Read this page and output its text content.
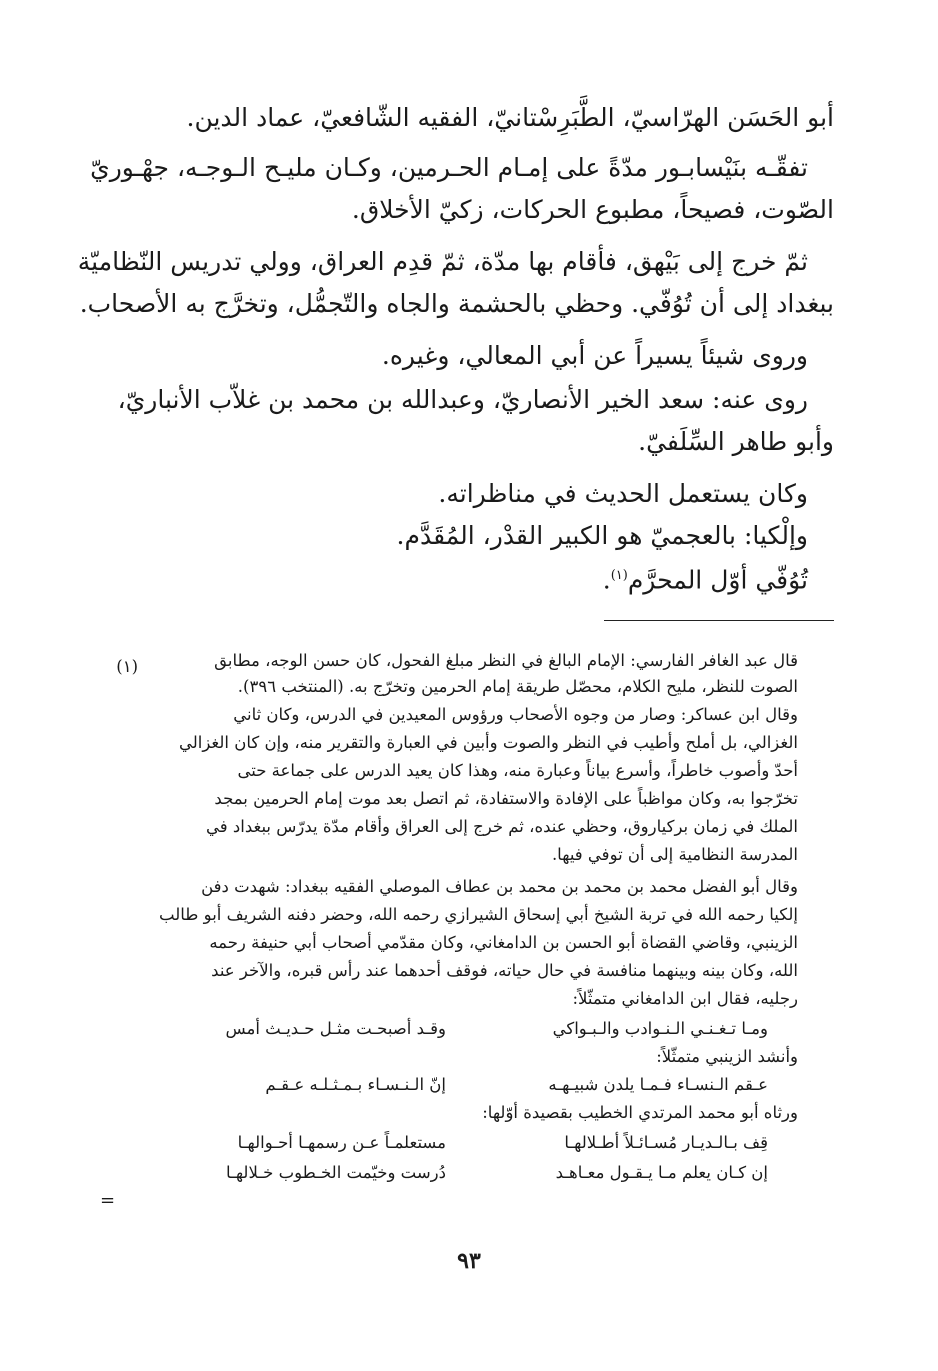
أبو الحَسَن الهرّاسيّ، الطَّبَرِسْتانيّ، الفقيه الشّافعيّ، عماد الدين.

تفقّـه بنَيْسابـور مدّةً على إمـام الحـرمين، وكـان مليـح الـوجـه، جهْـوريّ

الصّوت، فصيحاً، مطبوع الحركات، زكيّ الأخلاق.

ثمّ خرج إلى بَيْهق، فأقام بها مدّة، ثمّ قدِم العراق، وولي تدريس النّظاميّة

ببغداد إلى أن تُوُفّي. وحظي بالحشمة والجاه والتّجمُّل، وتخرَّج به الأصحاب.

وروى شيئاً يسيراً عن أبي المعالي، وغيره.

روى عنه: سعد الخير الأنصاريّ، وعبدالله بن محمد بن غلاّب الأنباريّ،

وأبو طاهر السِّلَفيّ.

وكان يستعمل الحديث في مناظراته.

وإلْكيا: بالعجميّ هو الكبير القدْر، المُقَدَّم.

تُوُفّي أوّل المحرَّم$^{(١)}$.

(١)	قال عبد الغافر الفارسي: الإمام البالغ في النظر مبلغ الفحول، كان حسن الوجه، مطابق

الصوت للنظر، مليح الكلام، محصّل طريقة إمام الحرمين وتخرّج به. (المنتخب ٣٩٦).

وقال ابن عساكر: وصار من وجوه الأصحاب ورؤوس المعيدين في الدرس، وكان ثاني

الغزالي، بل أملح وأطيب في النظر والصوت وأبين في العبارة والتقرير منه، وإن كان الغزالي

أحدّ وأصوب خاطراً، وأسرع بياناً وعبارة منه، وهذا كان يعيد الدرس على جماعة حتى

تخرّجوا به، وكان مواظباً على الإفادة والاستفادة، ثم اتصل بعد موت إمام الحرمين بمجد

الملك في زمان بركياروق، وحظي عنده، ثم خرج إلى العراق وأقام مدّة يدرّس ببغداد في

المدرسة النظامية إلى أن توفي فيها.

وقال أبو الفضل محمد بن محمد بن محمد بن عطاف الموصلي الفقيه ببغداد: شهدت دفن

إلكيا رحمه الله في تربة الشيخ أبي إسحاق الشيرازي رحمه الله، وحضر دفنه الشريف أبو طالب

الزينبي، وقاضي القضاة أبو الحسن بن الدامغاني، وكان مقدّمي أصحاب أبي حنيفة رحمه

الله، وكان بينه وبينهما منافسة في حال حياته، فوقف أحدهما عند رأس قبره، والآخر عند

رجليه، فقال ابن الدامغاني متمثّلاً:

ومـا تـغـنـي الـنـوادب والـبـواكي
وقـد أصبحـت مثـل حـديـث أمس

وأنشد الزينبي متمثّلاً:

عـقم الـنسـاء فـمـا يلدن شبيـهـه
إنّ الـنـسـاء بـمـثـلـه عـقـم

ورثاه أبو محمد المرتدي الخطيب بقصيدة أوّلها:

قِف بـالـديـار مُسـائـلاً أطـلالهـا
مستعلمـاً عـن رسمهـا أحـوالهـا
إن كـان يعلم مـا يـقـول معـاهـد
دُرست وخيّمت الخـطوب خـلالهـا
=
٩٣
